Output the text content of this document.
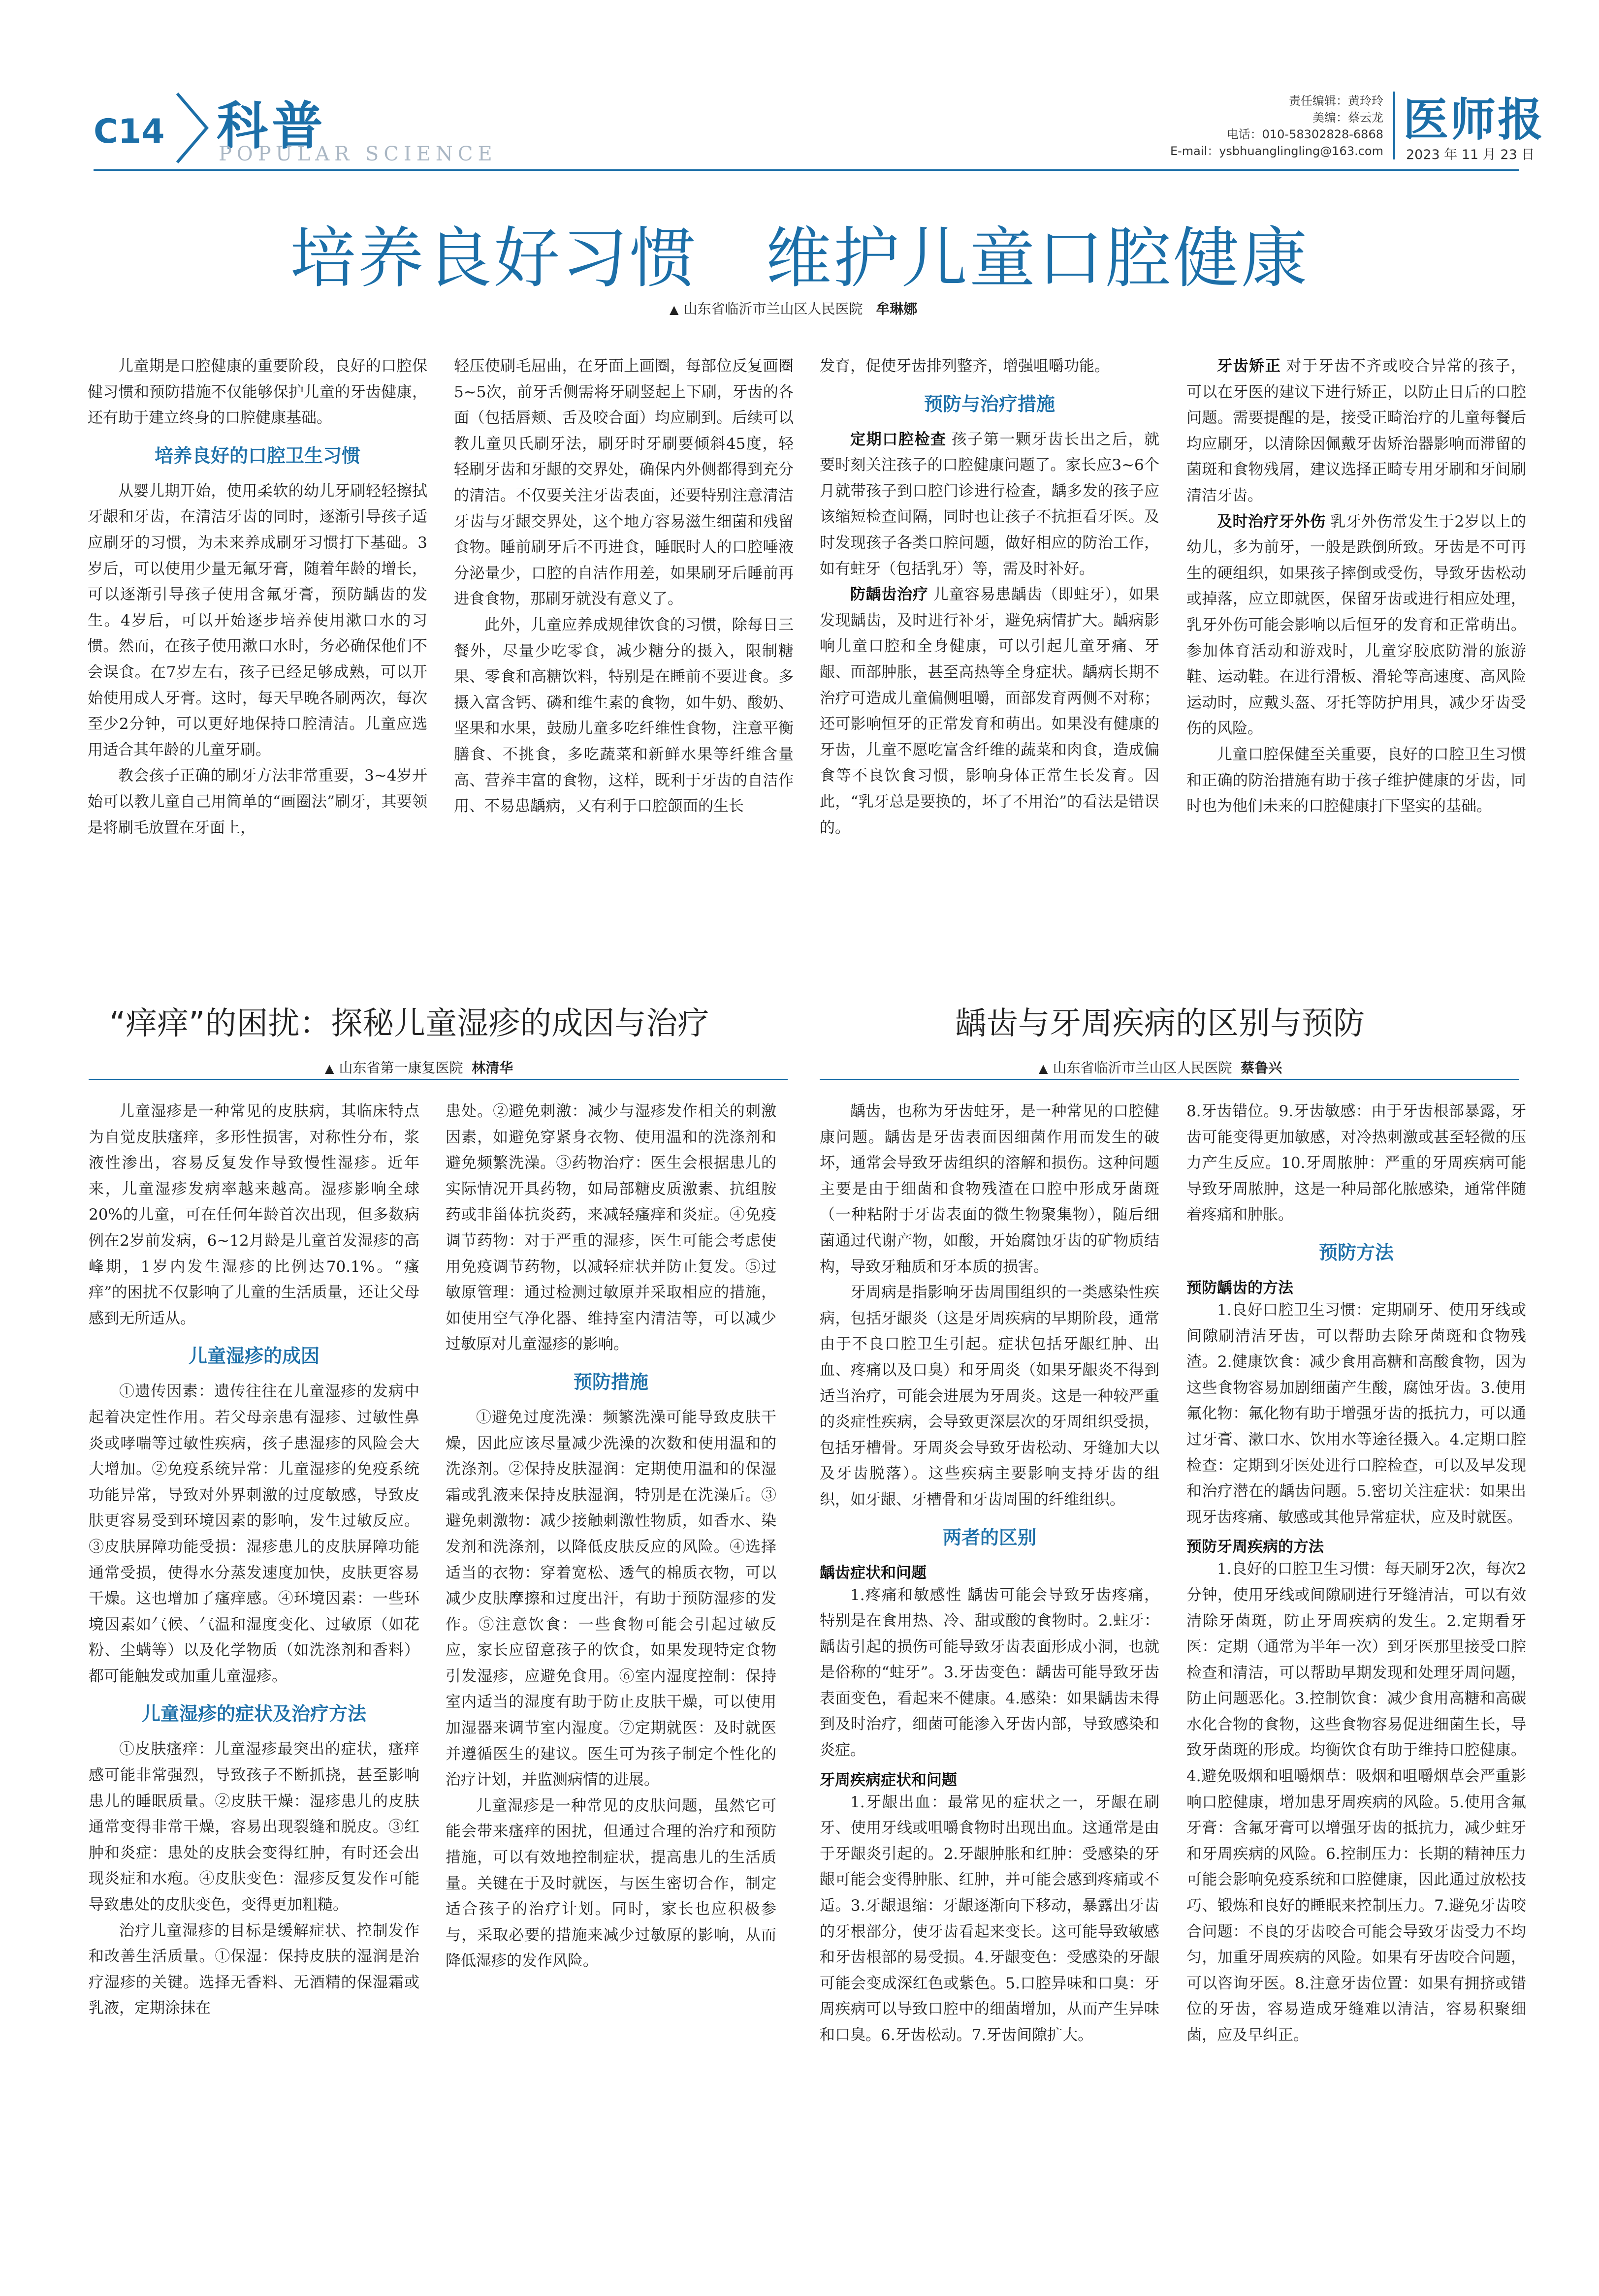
C14 科普
POPULAR SCIENCE
责任编辑：黄玲玲
美编：蔡云龙
电话：010-58302828-6868
E-mail：ysbhuanglingling@163.com
医师报
2023 年 11 月 23 日
培养良好习惯　维护儿童口腔健康
▲ 山东省临沂市兰山区人民医院 牟琳娜

儿童期是口腔健康的重要阶段，良好的口腔保健习惯和预防措施不仅能够保护儿童的牙齿健康，还有助于建立终身的口腔健康基础。

培养良好的口腔卫生习惯

从婴儿期开始，使用柔软的幼儿牙刷轻轻擦拭牙龈和牙齿，在清洁牙齿的同时，逐渐引导孩子适应刷牙的习惯，为未来养成刷牙习惯打下基础。3岁后，可以使用少量无氟牙膏，随着年龄的增长，可以逐渐引导孩子使用含氟牙膏，预防龋齿的发生。4岁后，可以开始逐步培养使用漱口水的习惯。然而，在孩子使用漱口水时，务必确保他们不会误食。在7岁左右，孩子已经足够成熟，可以开始使用成人牙膏。这时，每天早晚各刷两次，每次至少2分钟，可以更好地保持口腔清洁。儿童应选用适合其年龄的儿童牙刷。

教会孩子正确的刷牙方法非常重要，3~4岁开始可以教儿童自己用简单的“画圈法”刷牙，其要领是将刷毛放置在牙面上，

轻压使刷毛屈曲，在牙面上画圈，每部位反复画圈5~5次，前牙舌侧需将牙刷竖起上下刷，牙齿的各面（包括唇颊、舌及咬合面）均应刷到。后续可以教儿童贝氏刷牙法，刷牙时牙刷要倾斜45度，轻轻刷牙齿和牙龈的交界处，确保内外侧都得到充分的清洁。不仅要关注牙齿表面，还要特别注意清洁牙齿与牙龈交界处，这个地方容易滋生细菌和残留食物。睡前刷牙后不再进食，睡眠时人的口腔唾液分泌量少，口腔的自洁作用差，如果刷牙后睡前再进食食物，那刷牙就没有意义了。

此外，儿童应养成规律饮食的习惯，除每日三餐外，尽量少吃零食，减少糖分的摄入，限制糖果、零食和高糖饮料，特别是在睡前不要进食。多摄入富含钙、磷和维生素的食物，如牛奶、酸奶、坚果和水果，鼓励儿童多吃纤维性食物，注意平衡膳食、不挑食，多吃蔬菜和新鲜水果等纤维含量高、营养丰富的食物，这样，既利于牙齿的自洁作用、不易患龋病，又有利于口腔颌面的生长

发育，促使牙齿排列整齐，增强咀嚼功能。

预防与治疗措施

定期口腔检查 孩子第一颗牙齿长出之后，就要时刻关注孩子的口腔健康问题了。家长应3~6个月就带孩子到口腔门诊进行检查，龋多发的孩子应该缩短检查间隔，同时也让孩子不抗拒看牙医。及时发现孩子各类口腔问题，做好相应的防治工作，如有蛀牙（包括乳牙）等，需及时补好。

防龋齿治疗 儿童容易患龋齿（即蛀牙），如果发现龋齿，及时进行补牙，避免病情扩大。龋病影响儿童口腔和全身健康，可以引起儿童牙痛、牙龈、面部肿胀，甚至高热等全身症状。龋病长期不治疗可造成儿童偏侧咀嚼，面部发育两侧不对称；还可影响恒牙的正常发育和萌出。如果没有健康的牙齿，儿童不愿吃富含纤维的蔬菜和肉食，造成偏食等不良饮食习惯，影响身体正常生长发育。因此，“乳牙总是要换的，坏了不用治”的看法是错误的。

牙齿矫正 对于牙齿不齐或咬合异常的孩子，可以在牙医的建议下进行矫正，以防止日后的口腔问题。需要提醒的是，接受正畸治疗的儿童每餐后均应刷牙，以清除因佩戴牙齿矫治器影响而滞留的菌斑和食物残屑，建议选择正畸专用牙刷和牙间刷清洁牙齿。

及时治疗牙外伤 乳牙外伤常发生于2岁以上的幼儿，多为前牙，一般是跌倒所致。牙齿是不可再生的硬组织，如果孩子摔倒或受伤，导致牙齿松动或掉落，应立即就医，保留牙齿或进行相应处理，乳牙外伤可能会影响以后恒牙的发育和正常萌出。参加体育活动和游戏时，儿童穿胶底防滑的旅游鞋、运动鞋。在进行滑板、滑轮等高速度、高风险运动时，应戴头盔、牙托等防护用具，减少牙齿受伤的风险。

儿童口腔保健至关重要，良好的口腔卫生习惯和正确的防治措施有助于孩子维护健康的牙齿，同时也为他们未来的口腔健康打下坚实的基础。

“痒痒”的困扰：探秘儿童湿疹的成因与治疗
▲ 山东省第一康复医院 林清华

儿童湿疹是一种常见的皮肤病，其临床特点为自觉皮肤瘙痒，多形性损害，对称性分布，浆液性渗出，容易反复发作导致慢性湿疹。近年来，儿童湿疹发病率越来越高。湿疹影响全球20%的儿童，可在任何年龄首次出现，但多数病例在2岁前发病，6~12月龄是儿童首发湿疹的高峰期，1岁内发生湿疹的比例达70.1%。“瘙痒”的困扰不仅影响了儿童的生活质量，还让父母感到无所适从。

儿童湿疹的成因

①遗传因素：遗传往往在儿童湿疹的发病中起着决定性作用。若父母亲患有湿疹、过敏性鼻炎或哮喘等过敏性疾病，孩子患湿疹的风险会大大增加。②免疫系统异常：儿童湿疹的免疫系统功能异常，导致对外界刺激的过度敏感，导致皮肤更容易受到环境因素的影响，发生过敏反应。③皮肤屏障功能受损：湿疹患儿的皮肤屏障功能通常受损，使得水分蒸发速度加快，皮肤更容易干燥。这也增加了瘙痒感。④环境因素：一些环境因素如气候、气温和湿度变化、过敏原（如花粉、尘螨等）以及化学物质（如洗涤剂和香料）都可能触发或加重儿童湿疹。

儿童湿疹的症状及治疗方法

①皮肤瘙痒：儿童湿疹最突出的症状，瘙痒感可能非常强烈，导致孩子不断抓挠，甚至影响患儿的睡眠质量。②皮肤干燥：湿疹患儿的皮肤通常变得非常干燥，容易出现裂缝和脱皮。③红肿和炎症：患处的皮肤会变得红肿，有时还会出现炎症和水疱。④皮肤变色：湿疹反复发作可能导致患处的皮肤变色，变得更加粗糙。

治疗儿童湿疹的目标是缓解症状、控制发作和改善生活质量。①保湿：保持皮肤的湿润是治疗湿疹的关键。选择无香料、无酒精的保湿霜或乳液，定期涂抹在

患处。②避免刺激：减少与湿疹发作相关的刺激因素，如避免穿紧身衣物、使用温和的洗涤剂和避免频繁洗澡。③药物治疗：医生会根据患儿的实际情况开具药物，如局部糖皮质激素、抗组胺药或非甾体抗炎药，来减轻瘙痒和炎症。④免疫调节药物：对于严重的湿疹，医生可能会考虑使用免疫调节药物，以减轻症状并防止复发。⑤过敏原管理：通过检测过敏原并采取相应的措施，如使用空气净化器、维持室内清洁等，可以减少过敏原对儿童湿疹的影响。

预防措施

①避免过度洗澡：频繁洗澡可能导致皮肤干燥，因此应该尽量减少洗澡的次数和使用温和的洗涤剂。②保持皮肤湿润：定期使用温和的保湿霜或乳液来保持皮肤湿润，特别是在洗澡后。③避免刺激物：减少接触刺激性物质，如香水、染发剂和洗涤剂，以降低皮肤反应的风险。④选择适当的衣物：穿着宽松、透气的棉质衣物，可以减少皮肤摩擦和过度出汗，有助于预防湿疹的发作。⑤注意饮食：一些食物可能会引起过敏反应，家长应留意孩子的饮食，如果发现特定食物引发湿疹，应避免食用。⑥室内湿度控制：保持室内适当的湿度有助于防止皮肤干燥，可以使用加湿器来调节室内湿度。⑦定期就医：及时就医并遵循医生的建议。医生可为孩子制定个性化的治疗计划，并监测病情的进展。

儿童湿疹是一种常见的皮肤问题，虽然它可能会带来瘙痒的困扰，但通过合理的治疗和预防措施，可以有效地控制症状，提高患儿的生活质量。关键在于及时就医，与医生密切合作，制定适合孩子的治疗计划。同时，家长也应积极参与，采取必要的措施来减少过敏原的影响，从而降低湿疹的发作风险。

龋齿与牙周疾病的区别与预防
▲ 山东省临沂市兰山区人民医院 蔡鲁兴

龋齿，也称为牙齿蛀牙，是一种常见的口腔健康问题。龋齿是牙齿表面因细菌作用而发生的破坏，通常会导致牙齿组织的溶解和损伤。这种问题主要是由于细菌和食物残渣在口腔中形成牙菌斑（一种粘附于牙齿表面的微生物聚集物），随后细菌通过代谢产物，如酸，开始腐蚀牙齿的矿物质结构，导致牙釉质和牙本质的损害。

牙周病是指影响牙齿周围组织的一类感染性疾病，包括牙龈炎（这是牙周疾病的早期阶段，通常由于不良口腔卫生引起。症状包括牙龈红肿、出血、疼痛以及口臭）和牙周炎（如果牙龈炎不得到适当治疗，可能会进展为牙周炎。这是一种较严重的炎症性疾病，会导致更深层次的牙周组织受损，包括牙槽骨。牙周炎会导致牙齿松动、牙缝加大以及牙齿脱落）。这些疾病主要影响支持牙齿的组织，如牙龈、牙槽骨和牙齿周围的纤维组织。

两者的区别

龋齿症状和问题

1.疼痛和敏感性 龋齿可能会导致牙齿疼痛，特别是在食用热、冷、甜或酸的食物时。2.蛀牙：龋齿引起的损伤可能导致牙齿表面形成小洞，也就是俗称的“蛀牙”。3.牙齿变色：龋齿可能导致牙齿表面变色，看起来不健康。4.感染：如果龋齿未得到及时治疗，细菌可能渗入牙齿内部，导致感染和炎症。

牙周疾病症状和问题

1.牙龈出血：最常见的症状之一，牙龈在刷牙、使用牙线或咀嚼食物时出现出血。这通常是由于牙龈炎引起的。2.牙龈肿胀和红肿：受感染的牙龈可能会变得肿胀、红肿，并可能会感到疼痛或不适。3.牙龈退缩：牙龈逐渐向下移动，暴露出牙齿的牙根部分，使牙齿看起来变长。这可能导致敏感和牙齿根部的易受损。4.牙龈变色：受感染的牙龈可能会变成深红色或紫色。5.口腔异味和口臭：牙周疾病可以导致口腔中的细菌增加，从而产生异味和口臭。6.牙齿松动。7.牙齿间隙扩大。

8.牙齿错位。9.牙齿敏感：由于牙齿根部暴露，牙齿可能变得更加敏感，对冷热刺激或甚至轻微的压力产生反应。10.牙周脓肿：严重的牙周疾病可能导致牙周脓肿，这是一种局部化脓感染，通常伴随着疼痛和肿胀。

预防方法

预防龋齿的方法

1.良好口腔卫生习惯：定期刷牙、使用牙线或间隙刷清洁牙齿，可以帮助去除牙菌斑和食物残渣。2.健康饮食：减少食用高糖和高酸食物，因为这些食物容易加剧细菌产生酸，腐蚀牙齿。3.使用氟化物：氟化物有助于增强牙齿的抵抗力，可以通过牙膏、漱口水、饮用水等途径摄入。4.定期口腔检查：定期到牙医处进行口腔检查，可以及早发现和治疗潜在的龋齿问题。5.密切关注症状：如果出现牙齿疼痛、敏感或其他异常症状，应及时就医。

预防牙周疾病的方法

1.良好的口腔卫生习惯：每天刷牙2次，每次2分钟，使用牙线或间隙刷进行牙缝清洁，可以有效清除牙菌斑，防止牙周疾病的发生。2.定期看牙医：定期（通常为半年一次）到牙医那里接受口腔检查和清洁，可以帮助早期发现和处理牙周问题，防止问题恶化。3.控制饮食：减少食用高糖和高碳水化合物的食物，这些食物容易促进细菌生长，导致牙菌斑的形成。均衡饮食有助于维持口腔健康。4.避免吸烟和咀嚼烟草：吸烟和咀嚼烟草会严重影响口腔健康，增加患牙周疾病的风险。5.使用含氟牙膏：含氟牙膏可以增强牙齿的抵抗力，减少蛀牙和牙周疾病的风险。6.控制压力：长期的精神压力可能会影响免疫系统和口腔健康，因此通过放松技巧、锻炼和良好的睡眠来控制压力。7.避免牙齿咬合问题：不良的牙齿咬合可能会导致牙齿受力不均匀，加重牙周疾病的风险。如果有牙齿咬合问题，可以咨询牙医。8.注意牙齿位置：如果有拥挤或错位的牙齿，容易造成牙缝难以清洁，容易积聚细菌，应及早纠正。
